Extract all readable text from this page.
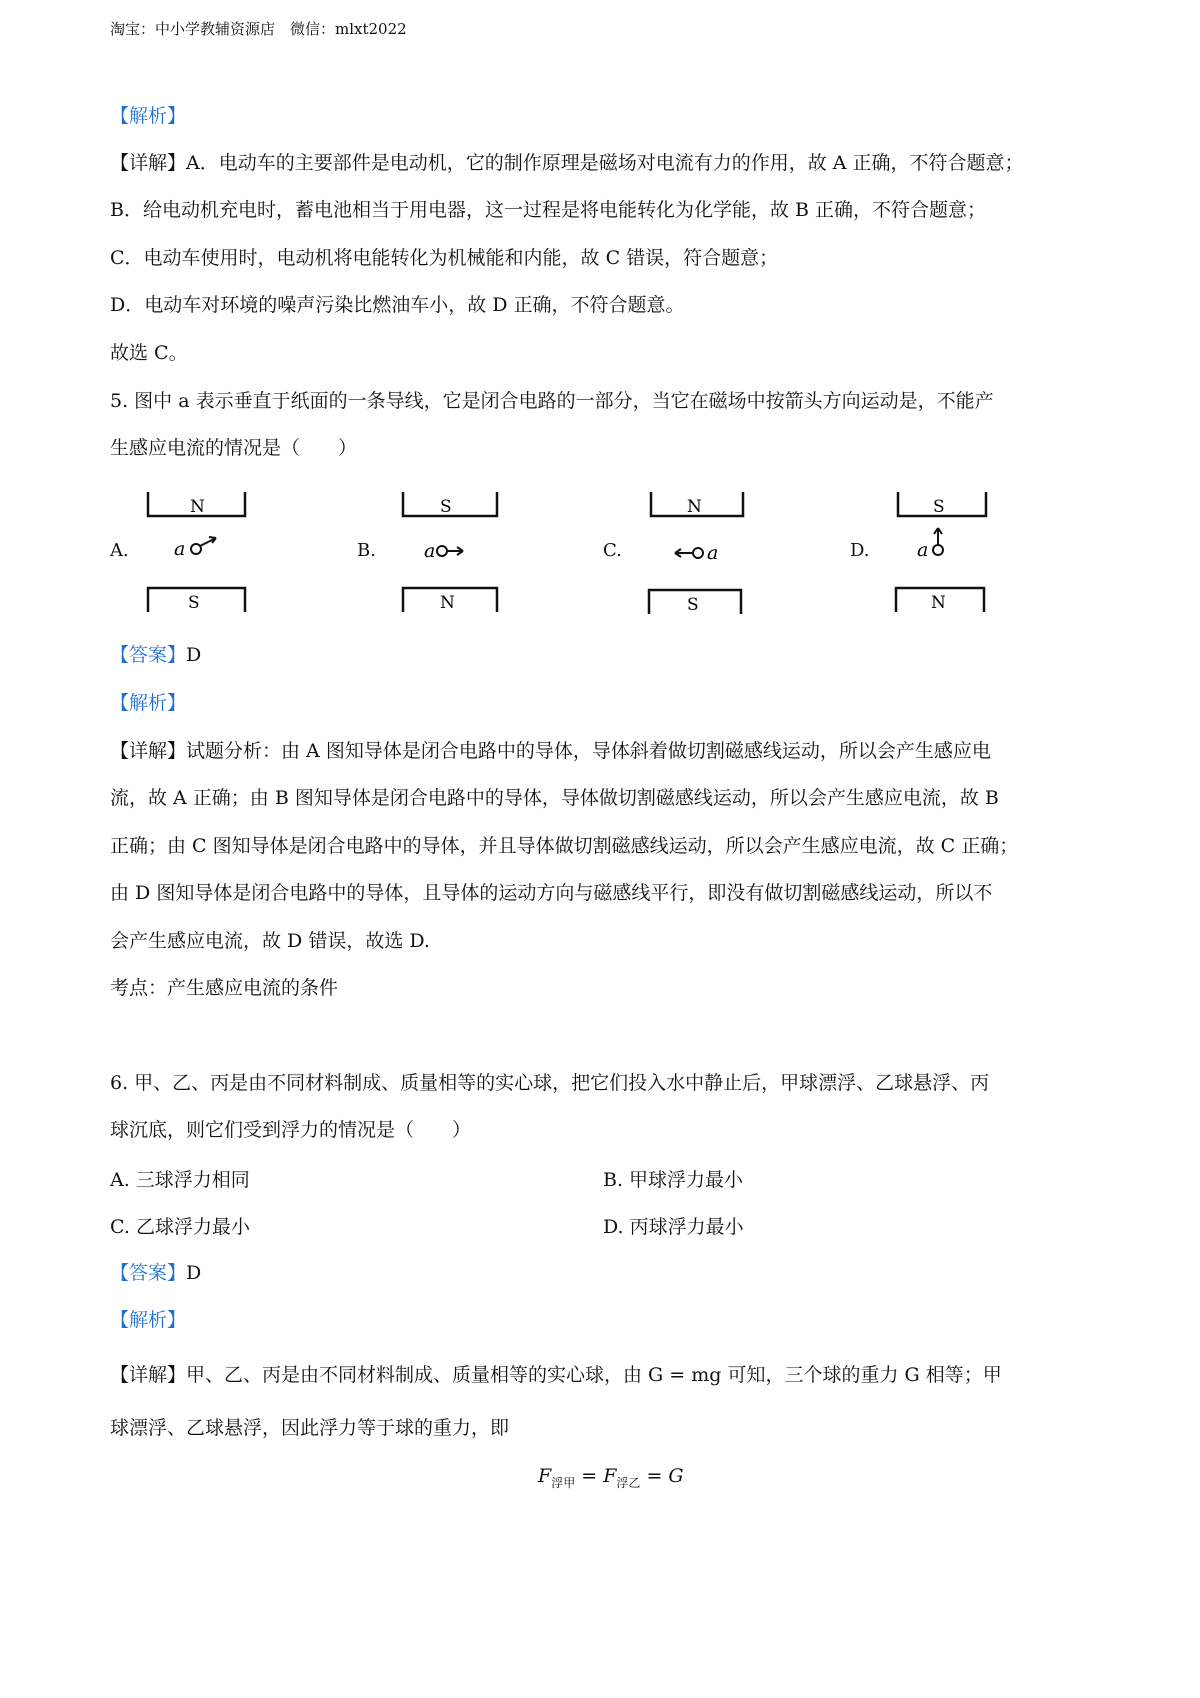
淘宝：中小学教辅资源店　微信：mlxt2022
【解析】
【详解】A．电动车的主要部件是电动机，它的制作原理是磁场对电流有力的作用，故 A 正确，不符合题意；
B．给电动机充电时，蓄电池相当于用电器，这一过程是将电能转化为化学能，故 B 正确，不符合题意；
C．电动车使用时，电动机将电能转化为机械能和内能，故 C 错误，符合题意；
D．电动车对环境的噪声污染比燃油车小，故 D 正确，不符合题意。
故选 C。
5. 图中 a 表示垂直于纸面的一条导线，它是闭合电路的一部分，当它在磁场中按箭头方向运动是，不能产
生感应电流的情况是（　　）
A.
N
a
S
B.
S
a
N
C.
N
a
S
D.
S
a
N
【答案】D
【解析】
【详解】试题分析：由 A 图知导体是闭合电路中的导体，导体斜着做切割磁感线运动，所以会产生感应电
流，故 A 正确；由 B 图知导体是闭合电路中的导体，导体做切割磁感线运动，所以会产生感应电流，故 B
正确；由 C 图知导体是闭合电路中的导体，并且导体做切割磁感线运动，所以会产生感应电流，故 C 正确；
由 D 图知导体是闭合电路中的导体，且导体的运动方向与磁感线平行，即没有做切割磁感线运动，所以不
会产生感应电流，故 D 错误，故选 D.
考点：产生感应电流的条件
6. 甲、乙、丙是由不同材料制成、质量相等的实心球，把它们投入水中静止后，甲球漂浮、乙球悬浮、丙
球沉底，则它们受到浮力的情况是（　　）
A. 三球浮力相同	B. 甲球浮力最小
C. 乙球浮力最小	D. 丙球浮力最小
【答案】D
【解析】
【详解】甲、乙、丙是由不同材料制成、质量相等的实心球，由 G = mg 可知，三个球的重力 G 相等；甲
球漂浮、乙球悬浮，因此浮力等于球的重力，即
$F_{浮甲} = F_{浮乙} = G$
